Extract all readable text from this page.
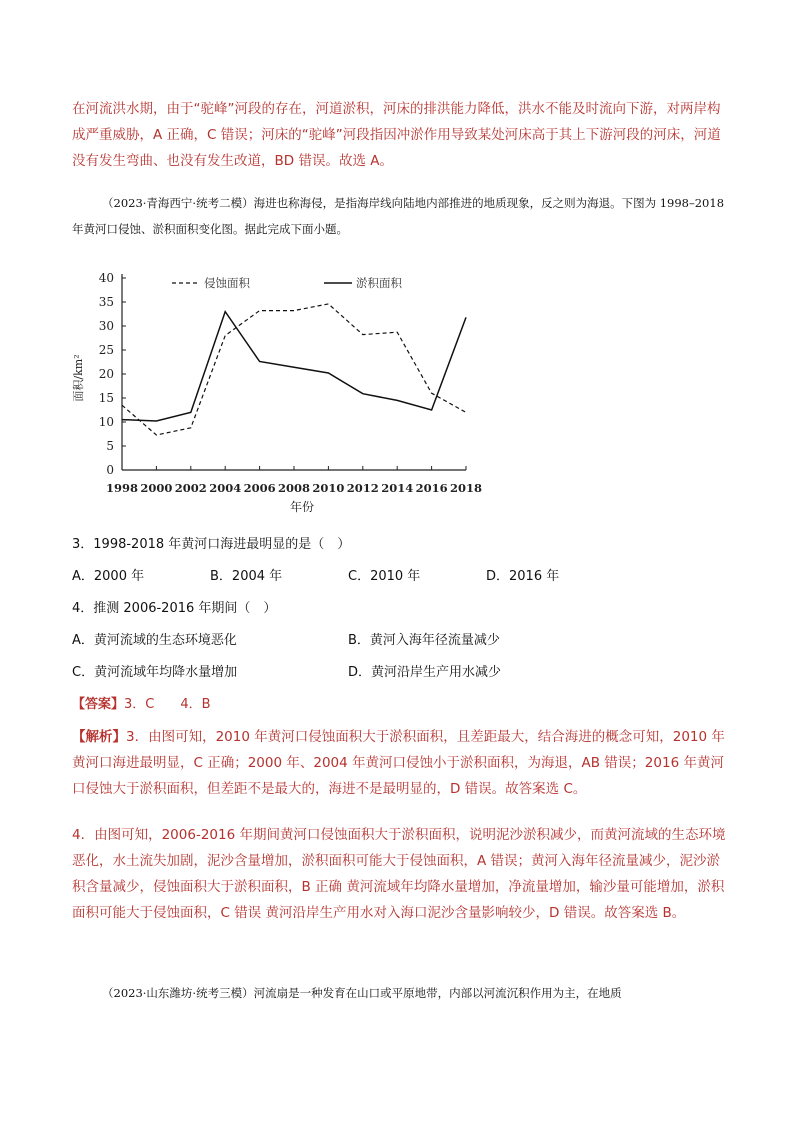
在河流洪水期，由于“驼峰”河段的存在，河道淤积，河床的排洪能力降低，洪水不能及时流向下游，对两岸构成严重威胁，A 正确，C 错误；河床的“驼峰”河段指因冲淤作用导致某处河床高于其上下游河段的河床，河道没有发生弯曲、也没有发生改道，BD 错误。故选 A。

（2023·青海西宁·统考二模）海进也称海侵，是指海岸线向陆地内部推进的地质现象，反之则为海退。下图为 1998–2018 年黄河口侵蚀、淤积面积变化图。据此完成下面小题。

0
5
10
15
20
25
30
35
40
1998 2000 2002 2004 2006 2008 2010 2012 2014 2016 2018
侵蚀面积	淤积面积
年份
面积/km²

3．1998-2018 年黄河口海进最明显的是（　）

A．2000 年	B．2004 年	C．2010 年	D．2016 年

4．推测 2006-2016 年期间（　）

A．黄河流域的生态环境恶化	B．黄河入海年径流量减少
C．黄河流域年均降水量增加	D．黄河沿岸生产用水减少
【答案】3．C　　4．B

【解析】3．由图可知，2010 年黄河口侵蚀面积大于淤积面积，且差距最大，结合海进的概念可知，2010 年黄河口海进最明显，C 正确；2000 年、2004 年黄河口侵蚀小于淤积面积，为海退，AB 错误；2016 年黄河口侵蚀大于淤积面积，但差距不是最大的，海进不是最明显的，D 错误。故答案选 C。

4．由图可知，2006-2016 年期间黄河口侵蚀面积大于淤积面积，说明泥沙淤积减少，而黄河流域的生态环境恶化，水土流失加剧，泥沙含量增加，淤积面积可能大于侵蚀面积，A 错误；黄河入海年径流量减少，泥沙淤积含量减少，侵蚀面积大于淤积面积，B 正确 黄河流域年均降水量增加，净流量增加，输沙量可能增加，淤积面积可能大于侵蚀面积，C 错误 黄河沿岸生产用水对入海口泥沙含量影响较少，D 错误。故答案选 B。

（2023·山东潍坊·统考三模）河流扇是一种发育在山口或平原地带，内部以河流沉积作用为主，在地质
